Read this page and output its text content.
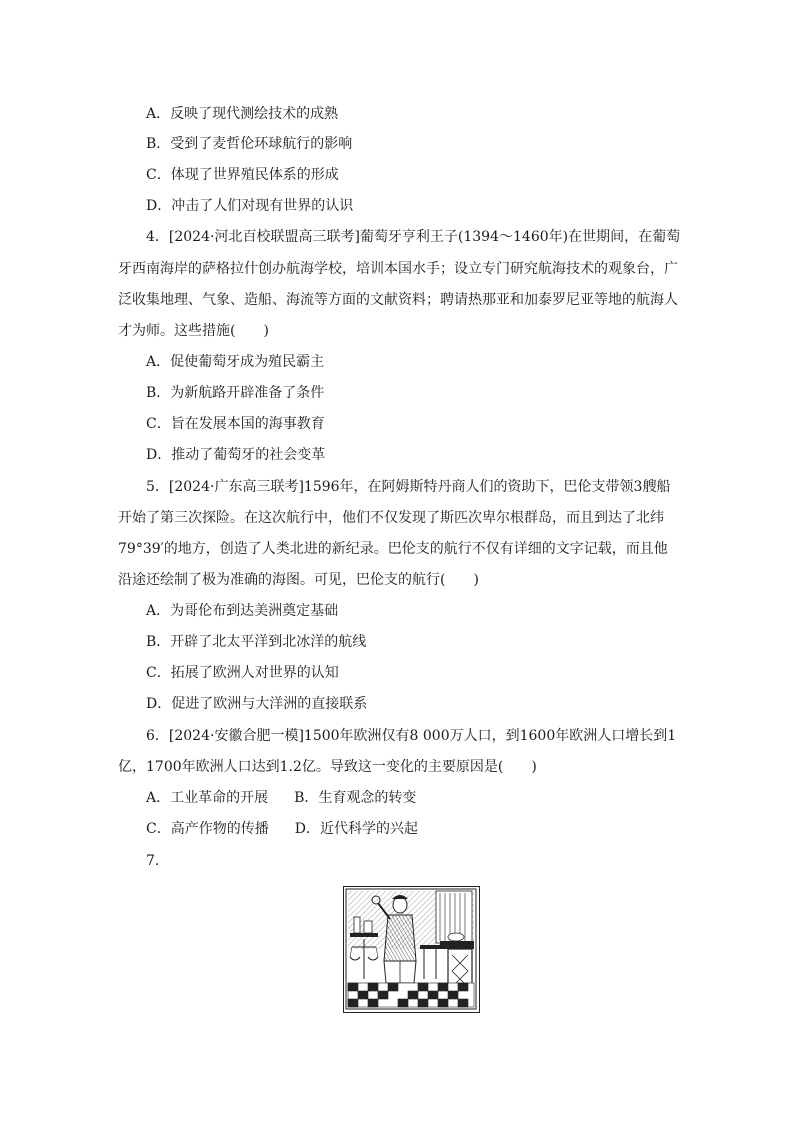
A．反映了现代测绘技术的成熟
B．受到了麦哲伦环球航行的影响
C．体现了世界殖民体系的形成
D．冲击了人们对现有世界的认识
4．[2024·河北百校联盟高三联考]葡萄牙亨利王子(1394～1460年)在世期间，在葡萄
牙西南海岸的萨格拉什创办航海学校，培训本国水手；设立专门研究航海技术的观象台，广
泛收集地理、气象、造船、海流等方面的文献资料；聘请热那亚和加泰罗尼亚等地的航海人
才为师。这些措施(　　)
A．促使葡萄牙成为殖民霸主
B．为新航路开辟准备了条件
C．旨在发展本国的海事教育
D．推动了葡萄牙的社会变革
5．[2024·广东高三联考]1596年，在阿姆斯特丹商人们的资助下，巴伦支带领3艘船
开始了第三次探险。在这次航行中，他们不仅发现了斯匹次卑尔根群岛，而且到达了北纬
79°39′的地方，创造了人类北进的新纪录。巴伦支的航行不仅有详细的文字记载，而且他
沿途还绘制了极为准确的海图。可见，巴伦支的航行(　　)
A．为哥伦布到达美洲奠定基础
B．开辟了北太平洋到北冰洋的航线
C．拓展了欧洲人对世界的认知
D．促进了欧洲与大洋洲的直接联系
6．[2024·安徽合肥一模]1500年欧洲仅有8 000万人口，到1600年欧洲人口增长到1
亿，1700年欧洲人口达到1.2亿。导致这一变化的主要原因是(　　)
A．工业革命的开展 B．生育观念的转变
C．高产作物的传播 D．近代科学的兴起
7．
